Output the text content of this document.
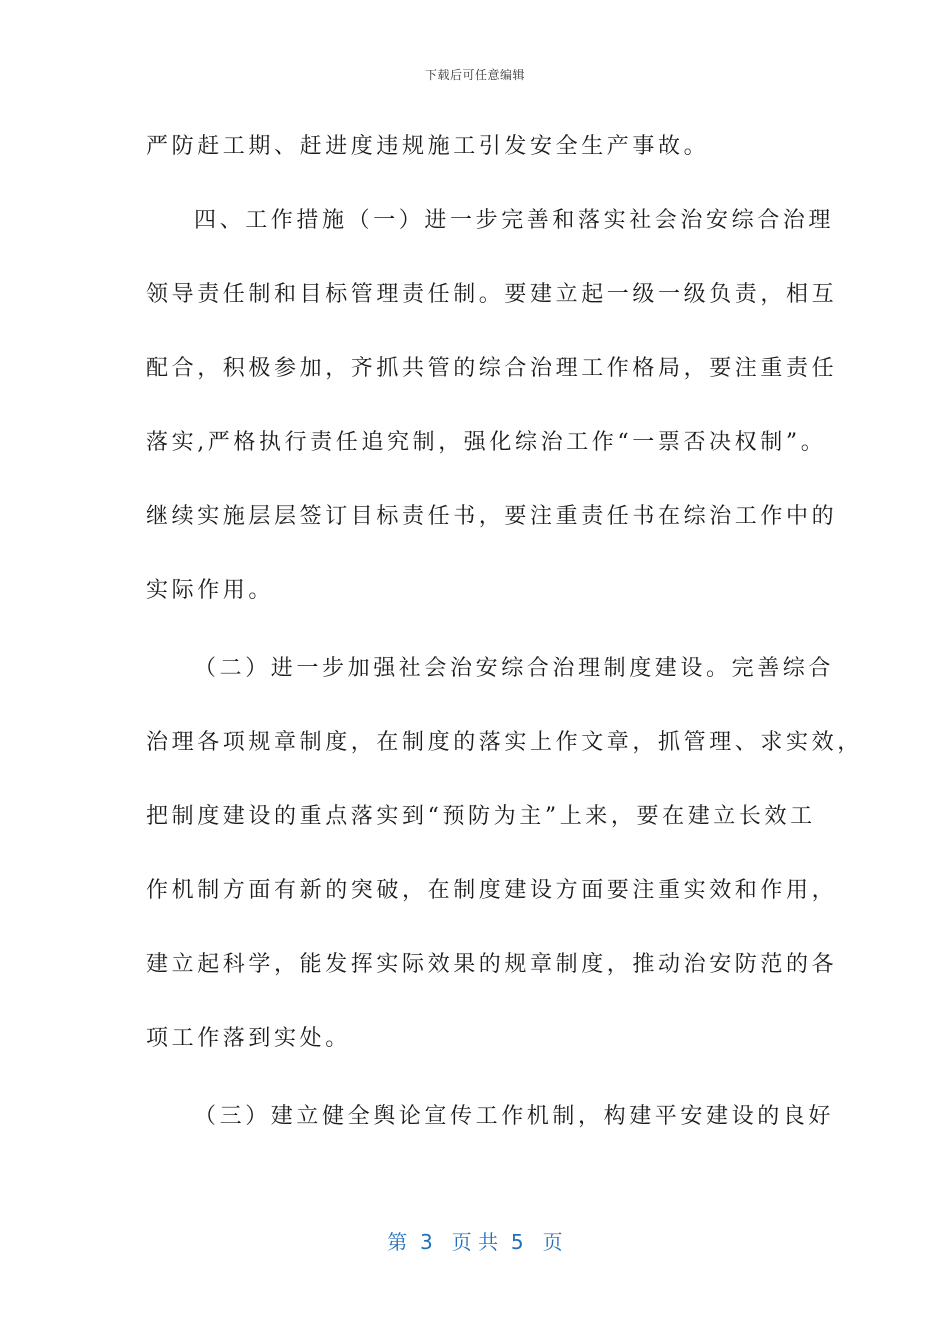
下载后可任意编辑
严防赶工期、赶进度违规施工引发安全生产事故。
四、工作措施（一）进一步完善和落实社会治安综合治理
领导责任制和目标管理责任制。要建立起一级一级负责，相互
配合，积极参加，齐抓共管的综合治理工作格局，要注重责任
落实,严格执行责任追究制，强化综治工作“一票否决权制”。
继续实施层层签订目标责任书，要注重责任书在综治工作中的
实际作用。
（二）进一步加强社会治安综合治理制度建设。完善综合
治理各项规章制度，在制度的落实上作文章，抓管理、求实效，
把制度建设的重点落实到“预防为主”上来，要在建立长效工
作机制方面有新的突破，在制度建设方面要注重实效和作用，
建立起科学，能发挥实际效果的规章制度，推动治安防范的各
项工作落到实处。
（三）建立健全舆论宣传工作机制，构建平安建设的良好
第  3   页 共  5   页
